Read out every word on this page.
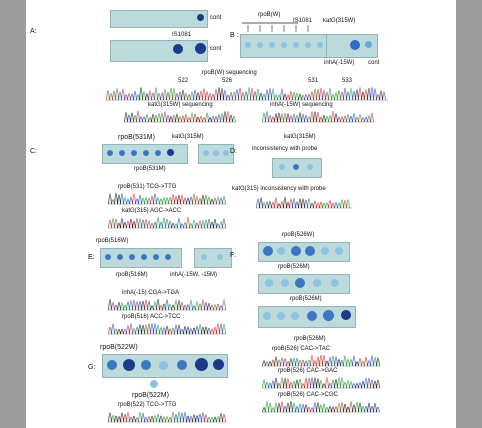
A:
cont
IS1081
cont
B :
rpoB(W)
IS1081 katG(315W)
inhA(-15W) cont
rpoB(W) sequencing
522	526	531	533
katG(315W) sequencing	inhA(-15W) sequencing
C:
rpoB(531M)	katG(315M)
rpoB(531M)
rpoB(531) TCG->TTG
katG(315) AGC->ACC
D:
katG(315M)
inconsistency with probe
katG(315) inconsistency with probe
E:
rpoB(516W)
rpoB(516M)	inhA(-15W, -15M)
inhA(-15) CGA->TGA
rpoB(516) ACC->TCC
F:
rpoB(526W)
rpoB(526M)
rpoB(526M)
rpoB(526M)
rpoB(526) CAC->TAC
rpoB(526) CAC->GAC
rpoB(526) CAC->CGC
G:
rpoB(522W)
rpoB(522M)
rpoB(522) TCG->TTG
